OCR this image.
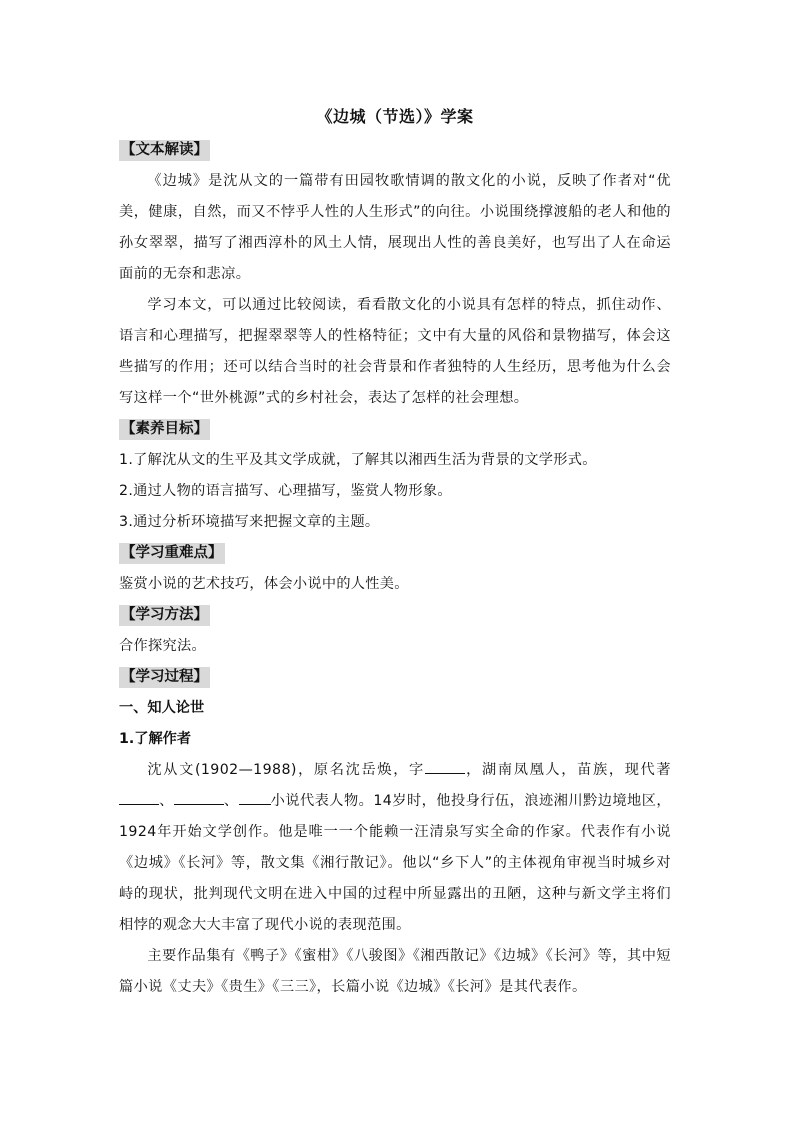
《边城（节选）》学案
【文本解读】

《边城》是沈从文的一篇带有田园牧歌情调的散文化的小说，反映了作者对“优美，健康，自然，而又不悖乎人性的人生形式”的向往。小说围绕撑渡船的老人和他的孙女翠翠，描写了湘西淳朴的风土人情，展现出人性的善良美好，也写出了人在命运面前的无奈和悲凉。

学习本文，可以通过比较阅读，看看散文化的小说具有怎样的特点，抓住动作、语言和心理描写，把握翠翠等人的性格特征；文中有大量的风俗和景物描写，体会这些描写的作用；还可以结合当时的社会背景和作者独特的人生经历，思考他为什么会写这样一个“世外桃源”式的乡村社会，表达了怎样的社会理想。

【素养目标】

1.了解沈从文的生平及其文学成就，了解其以湘西生活为背景的文学形式。

2.通过人物的语言描写、心理描写，鉴赏人物形象。

3.通过分析环境描写来把握文章的主题。

【学习重难点】

鉴赏小说的艺术技巧，体会小说中的人性美。

【学习方法】

合作探究法。

【学习过程】

一、知人论世

1.了解作者

沈从文(1902—1988)，原名沈岳焕，字	，湖南凤凰人，苗族，现代著、	、 小说代表人物。14岁时，他投身行伍，浪迹湘川黔边境地区，1924年开始文学创作。他是唯一一个能赖一汪清泉写实全命的作家。代表作有小说《边城》《长河》等，散文集《湘行散记》。他以“乡下人”的主体视角审视当时城乡对峙的现状，批判现代文明在进入中国的过程中所显露出的丑陋，这种与新文学主将们相悖的观念大大丰富了现代小说的表现范围。

主要作品集有《鸭子》《蜜柑》《八骏图》《湘西散记》《边城》《长河》等，其中短篇小说《丈夫》《贵生》《三三》，长篇小说《边城》《长河》是其代表作。
